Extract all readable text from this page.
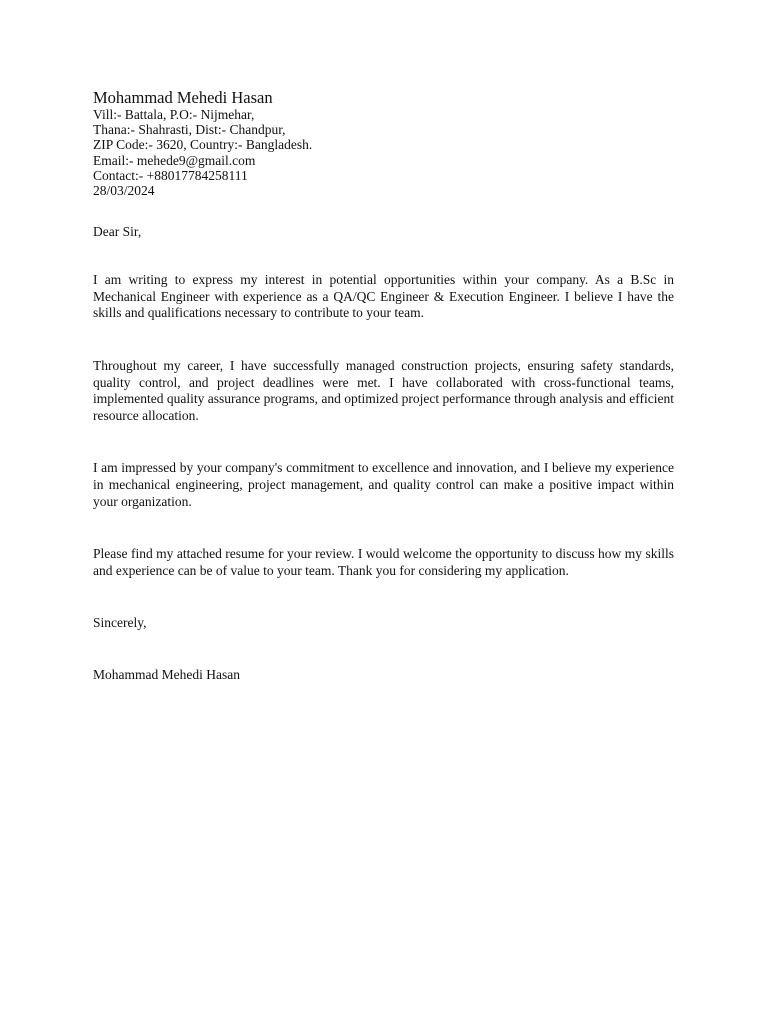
Mohammad Mehedi Hasan
Vill:- Battala, P.O:- Nijmehar,
Thana:- Shahrasti, Dist:- Chandpur,
ZIP Code:- 3620, Country:- Bangladesh.
Email:- mehede9@gmail.com
Contact:- +88017784258111
28/03/2024
Dear Sir,

I am writing to express my interest in potential opportunities within your company. As a B.Sc in Mechanical Engineer with experience as a QA/QC Engineer & Execution Engineer. I believe I have the skills and qualifications necessary to contribute to your team.

Throughout my career, I have successfully managed construction projects, ensuring safety standards, quality control, and project deadlines were met. I have collaborated with cross-functional teams, implemented quality assurance programs, and optimized project performance through analysis and efficient resource allocation.

I am impressed by your company's commitment to excellence and innovation, and I believe my experience in mechanical engineering, project management, and quality control can make a positive impact within your organization.

Please find my attached resume for your review. I would welcome the opportunity to discuss how my skills and experience can be of value to your team. Thank you for considering my application.

Sincerely,
Mohammad Mehedi Hasan
